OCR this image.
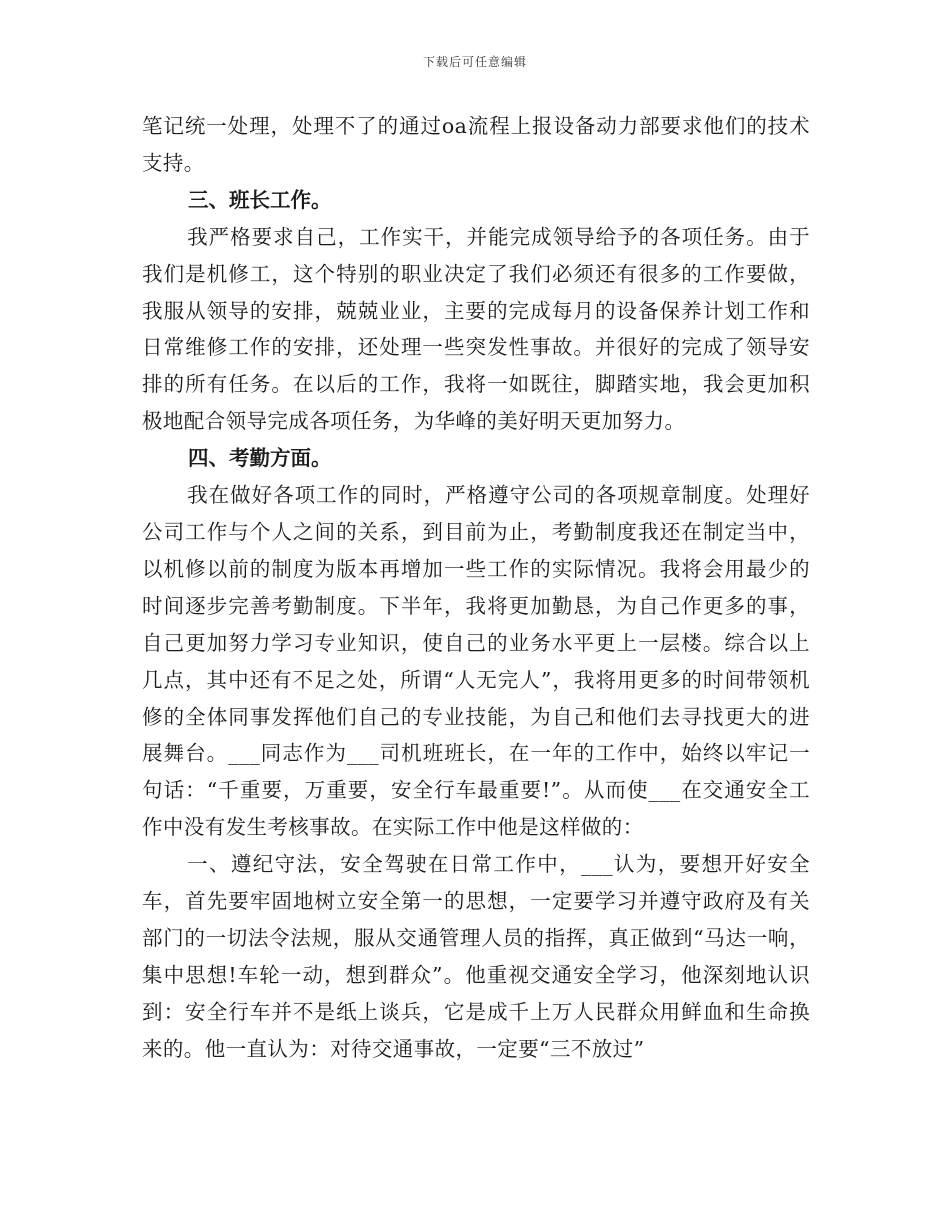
下载后可任意编辑

笔记统一处理，处理不了的通过oa流程上报设备动力部要求他们的技术支持。

三、班长工作。

我严格要求自己，工作实干，并能完成领导给予的各项任务。由于我们是机修工，这个特别的职业决定了我们必须还有很多的工作要做，我服从领导的安排，兢兢业业，主要的完成每月的设备保养计划工作和日常维修工作的安排，还处理一些突发性事故。并很好的完成了领导安排的所有任务。在以后的工作，我将一如既往，脚踏实地，我会更加积极地配合领导完成各项任务，为华峰的美好明天更加努力。

四、考勤方面。

我在做好各项工作的同时，严格遵守公司的各项规章制度。处理好公司工作与个人之间的关系，到目前为止，考勤制度我还在制定当中，以机修以前的制度为版本再增加一些工作的实际情况。我将会用最少的时间逐步完善考勤制度。下半年，我将更加勤恳，为自己作更多的事，自己更加努力学习专业知识，使自己的业务水平更上一层楼。综合以上几点，其中还有不足之处，所谓“人无完人”，我将用更多的时间带领机修的全体同事发挥他们自己的专业技能，为自己和他们去寻找更大的进展舞台。___同志作为___司机班班长，在一年的工作中，始终以牢记一句话：“千重要，万重要，安全行车最重要!”。从而使___在交通安全工作中没有发生考核事故。在实际工作中他是这样做的：

一、遵纪守法，安全驾驶在日常工作中，___认为，要想开好安全车，首先要牢固地树立安全第一的思想，一定要学习并遵守政府及有关部门的一切法令法规，服从交通管理人员的指挥，真正做到“马达一响，集中思想!车轮一动，想到群众”。他重视交通安全学习，他深刻地认识到：安全行车并不是纸上谈兵，它是成千上万人民群众用鲜血和生命换来的。他一直认为：对待交通事故，一定要“三不放过”
